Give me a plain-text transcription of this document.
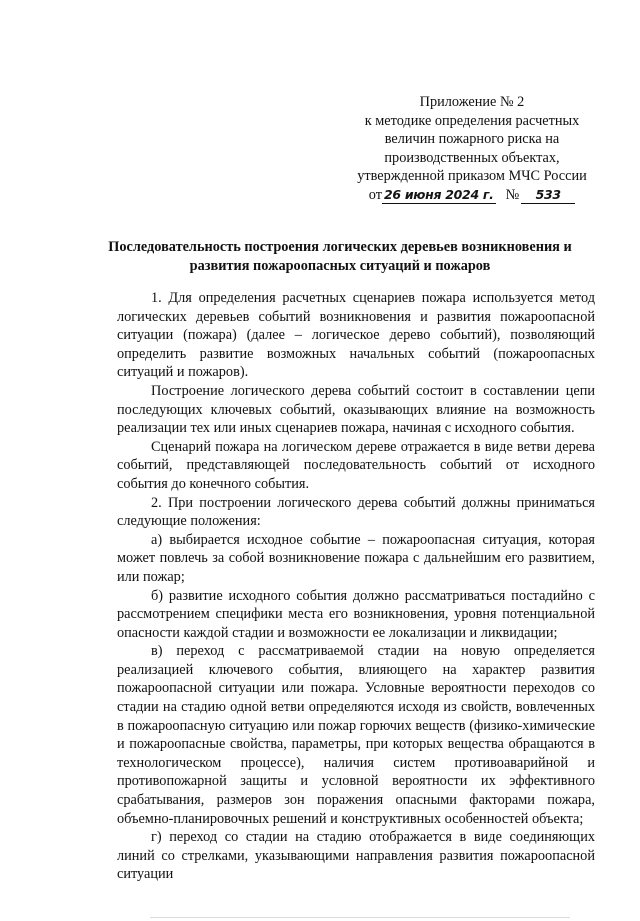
Приложение № 2
к методике определения расчетных
величин пожарного риска на
производственных объектах,
утвержденной приказом МЧС России
от 26 июня 2024 г. № 533
Последовательность построения логических деревьев возникновения и
развития пожароопасных ситуаций и пожаров

1. Для определения расчетных сценариев пожара используется метод логических деревьев событий возникновения и развития пожароопасной ситуации (пожара) (далее – логическое дерево событий), позволяющий определить развитие возможных начальных событий (пожароопасных ситуаций и пожаров).

Построение логического дерева событий состоит в составлении цепи последующих ключевых событий, оказывающих влияние на возможность реализации тех или иных сценариев пожара, начиная с исходного события.

Сценарий пожара на логическом дереве отражается в виде ветви дерева событий, представляющей последовательность событий от исходного события до конечного события.

2. При построении логического дерева событий должны приниматься следующие положения:

а) выбирается исходное событие – пожароопасная ситуация, которая может повлечь за собой возникновение пожара с дальнейшим его развитием, или пожар;

б) развитие исходного события должно рассматриваться постадийно с рассмотрением специфики места его возникновения, уровня потенциальной опасности каждой стадии и возможности ее локализации и ликвидации;

в) переход с рассматриваемой стадии на новую определяется реализацией ключевого события, влияющего на характер развития пожароопасной ситуации или пожара. Условные вероятности переходов со стадии на стадию одной ветви определяются исходя из свойств, вовлеченных в пожароопасную ситуацию или пожар горючих веществ (физико-химические и пожароопасные свойства, параметры, при которых вещества обращаются в технологическом процессе), наличия систем противоаварийной и противопожарной защиты и условной вероятности их эффективного срабатывания, размеров зон поражения опасными факторами пожара, объемно-планировочных решений и конструктивных особенностей объекта;

г) переход со стадии на стадию отображается в виде соединяющих линий со стрелками, указывающими направления развития пожароопасной ситуации
